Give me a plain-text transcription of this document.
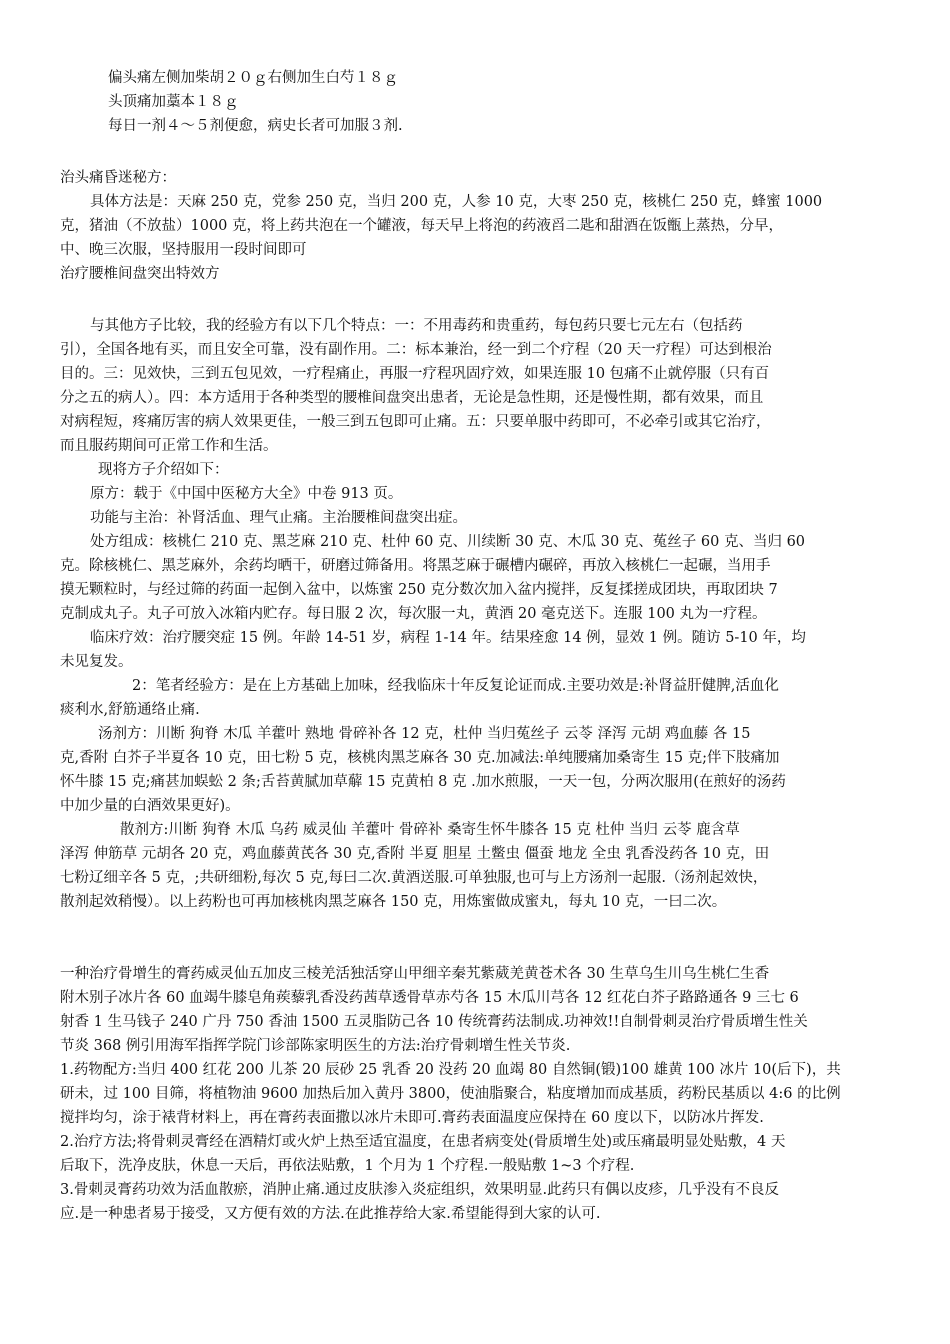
偏头痛左侧加柴胡２０ｇ右侧加生白芍１８ｇ
头顶痛加藁本１８ｇ
每日一剂４～５剂便愈，病史长者可加服３剂.
治头痛昏迷秘方：
具体方法是：天麻 250 克，党参 250 克，当归 200 克，人参 10 克，大枣 250 克，核桃仁 250 克，蜂蜜 1000
克，猪油（不放盐）1000 克，将上药共泡在一个罐液，每天早上将泡的药液舀二匙和甜酒在饭甑上蒸热，分早，
中、晚三次服，坚持服用一段时间即可
治疗腰椎间盘突出特效方
与其他方子比较，我的经验方有以下几个特点：一：不用毒药和贵重药，每包药只要七元左右（包括药
引），全国各地有买，而且安全可靠，没有副作用。二：标本兼治，经一到二个疗程（20 天一疗程）可达到根治
目的。三：见效快，三到五包见效，一疗程痛止，再服一疗程巩固疗效，如果连服 10 包痛不止就停服（只有百
分之五的病人）。四：本方适用于各种类型的腰椎间盘突出患者，无论是急性期，还是慢性期，都有效果，而且
对病程短，疼痛厉害的病人效果更佳，一般三到五包即可止痛。五：只要单服中药即可，不必牵引或其它治疗，
而且服药期间可正常工作和生活。
现将方子介绍如下：
原方：载于《中国中医秘方大全》中卷 913 页。
功能与主治：补肾活血、理气止痛。主治腰椎间盘突出症。
处方组成：核桃仁 210 克、黑芝麻 210 克、杜仲 60 克、川续断 30 克、木瓜 30 克、菟丝子 60 克、当归 60
克。除核桃仁、黑芝麻外，余药均晒干，研磨过筛备用。将黑芝麻于碾槽内碾碎，再放入核桃仁一起碾，当用手
摸无颗粒时，与经过筛的药面一起倒入盆中，以炼蜜 250 克分数次加入盆内搅拌，反复揉搓成团块，再取团块 7
克制成丸子。丸子可放入冰箱内贮存。每日服 2 次，每次服一丸，黄酒 20 毫克送下。连服 100 丸为一疗程。
临床疗效：治疗腰突症 15 例。年龄 14-51 岁，病程 1-14 年。结果痊愈 14 例，显效 1 例。随访 5-10 年，均
未见复发。
2：笔者经验方：是在上方基础上加味，经我临床十年反复论证而成.主要功效是:补肾益肝健脾,活血化
痰利水,舒筋通络止痛.
汤剂方：川断 狗脊 木瓜 羊藿叶 熟地 骨碎补各 12 克，杜仲 当归菟丝子 云苓 泽泻 元胡 鸡血藤 各 15
克,香附 白芥子半夏各 10 克，田七粉 5 克，核桃肉黑芝麻各 30 克.加减法:单纯腰痛加桑寄生 15 克;伴下肢痛加
怀牛膝 15 克;痛甚加蜈蚣 2 条;舌苔黄腻加草薢 15 克黄柏 8 克 .加水煎服，一天一包，分两次服用(在煎好的汤药
中加少量的白酒效果更好)。
散剂方:川断 狗脊 木瓜 乌药 威灵仙 羊藿叶 骨碎补 桑寄生怀牛膝各 15 克 杜仲 当归 云苓 鹿含草
泽泻 伸筋草 元胡各 20 克，鸡血藤黄芪各 30 克,香附 半夏 胆星 土鳖虫 僵蚕 地龙 全虫 乳香没药各 10 克，田
七粉辽细辛各 5 克，;共研细粉,每次 5 克,每曰二次.黄酒送服.可单独服,也可与上方汤剂一起服.（汤剂起效快，
散剂起效稍慢）。以上药粉也可再加核桃肉黑芝麻各 150 克，用炼蜜做成蜜丸，每丸 10 克，一曰二次。
一种治疗骨增生的膏药威灵仙五加皮三棱羌活独活穿山甲细辛秦艽紫葳羌黄苍术各 30 生草乌生川乌生桃仁生香
附木别子冰片各 60 血竭牛膝皂角蒺藜乳香没药茜草透骨草赤芍各 15 木瓜川芎各 12 红花白芥子路路通各 9 三七 6
射香 1 生马钱子 240 广丹 750 香油 1500 五灵脂防己各 10 传统膏药法制成.功神效!!自制骨刺灵治疗骨质增生性关
节炎 368 例引用海军指挥学院门诊部陈家明医生的方法:治疗骨刺增生性关节炎.
1.药物配方:当归 400 红花 200 儿茶 20 辰砂 25 乳香 20 没药 20 血竭 80 自然铜(锻)100 雄黄 100 冰片 10(后下)，共
研未，过 100 目筛，将植物油 9600 加热后加入黄丹 3800，使油脂聚合，粘度增加而成基质，药粉民基质以 4:6 的比例
搅拌均匀，涂于裱背材料上，再在膏药表面撒以冰片未即可.膏药表面温度应保持在 60 度以下，以防冰片挥发.
2.治疗方法;将骨刺灵膏经在酒精灯或火炉上热至适宜温度，在患者病变处(骨质增生处)或压痛最明显处贴敷，4 天
后取下，洗净皮肤，休息一天后，再依法贴敷，1 个月为 1 个疗程.一般贴敷 1~3 个疗程.
3.骨刺灵膏药功效为活血散瘀，消肿止痛.通过皮肤渗入炎症组织，效果明显.此药只有偶以皮疹，几乎没有不良反
应.是一种患者易于接受，又方便有效的方法.在此推荐给大家.希望能得到大家的认可.
